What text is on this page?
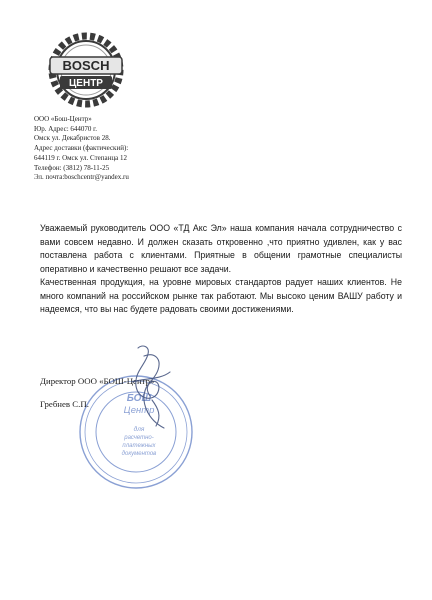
BOSCH
ЦЕНТР
ООО «Бош-Центр»
Юр. Адрес: 644070 г.
Омск ул. Декабристов 28.
Адрес доставки (фактический):
644119 г. Омск ул. Степанца 12
Телефон: (3812) 78-11-25
Эл. почта:boschcentr@yandex.ru

Уважаемый руководитель ООО «ТД Акс Эл» наша компания начала сотрудничество с вами совсем недавно. И должен сказать откровенно ,что приятно удивлен, как у вас поставлена работа с клиентами. Приятные в общении грамотные специалисты оперативно и качественно решают все задачи.

Качественная продукция, на уровне мировых стандартов радует наших клиентов. Не много компаний на российском рынке так работают. Мы высоко ценим ВАШУ работу и надеемся, что вы нас будете радовать своими достижениями.

БОШ
Центр
для
расчетно-
платежных
документов
Директор ООО «БОШ-Центр»
Гребнев С.П.
